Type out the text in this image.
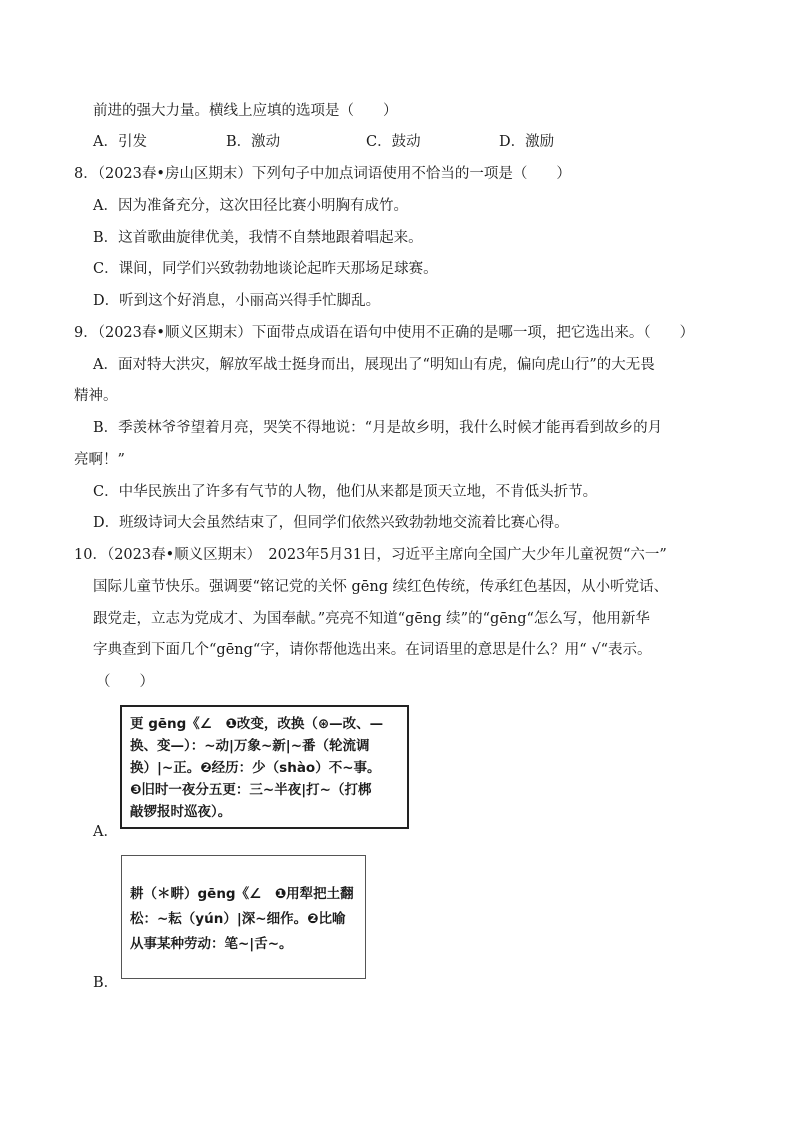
前进的强大力量。横线上应填的选项是（　　）
A．引发	B．激动	C．鼓动	D．激励
8．（2023春•房山区期末）下列句子中加点词语使用不恰当的一项是（　　）
A．因为准备充分，这次田径比赛小明胸有成竹。
B．这首歌曲旋律优美，我情不自禁地跟着唱起来。
C．课间，同学们兴致勃勃地谈论起昨天那场足球赛。
D．听到这个好消息，小丽高兴得手忙脚乱。
9．（2023春•顺义区期末）下面带点成语在语句中使用不正确的是哪一项，把它选出来。（　　）
A．面对特大洪灾，解放军战士挺身而出，展现出了“明知山有虎，偏向虎山行”的大无畏
精神。
B．季羡林爷爷望着月亮，哭笑不得地说：“月是故乡明，我什么时候才能再看到故乡的月
亮啊！”
C．中华民族出了许多有气节的人物，他们从来都是顶天立地，不肯低头折节。
D．班级诗词大会虽然结束了，但同学们依然兴致勃勃地交流着比赛心得。
10．（2023春•顺义区期末）　2023年5月31日，习近平主席向全国广大少年儿童祝贺“六一”
国际儿童节快乐。强调要“铭记党的关怀 gēng 续红色传统，传承红色基因，从小听党话、
跟党走，立志为党成才、为国奉献。”亮亮不知道“gēng 续”的“gēng“怎么写，他用新华
字典查到下面几个“gēng“字，请你帮他选出来。在词语里的意思是什么？用“ √“表示。
（　　）
更 gēng《∠　❶改变，改换（⊛—改、—
换、变—）：~动|万象~新|~番（轮流调
换）|~正。❷经历：少（shào）不~事。
❸旧时一夜分五更：三~半夜|打~（打梆
敲锣报时巡夜）。
A．
耕（＊畊）gēng《∠　❶用犁把土翻
松：~耘（yún）|深~细作。❷比喻
从事某种劳动：笔~|舌~。
B．
